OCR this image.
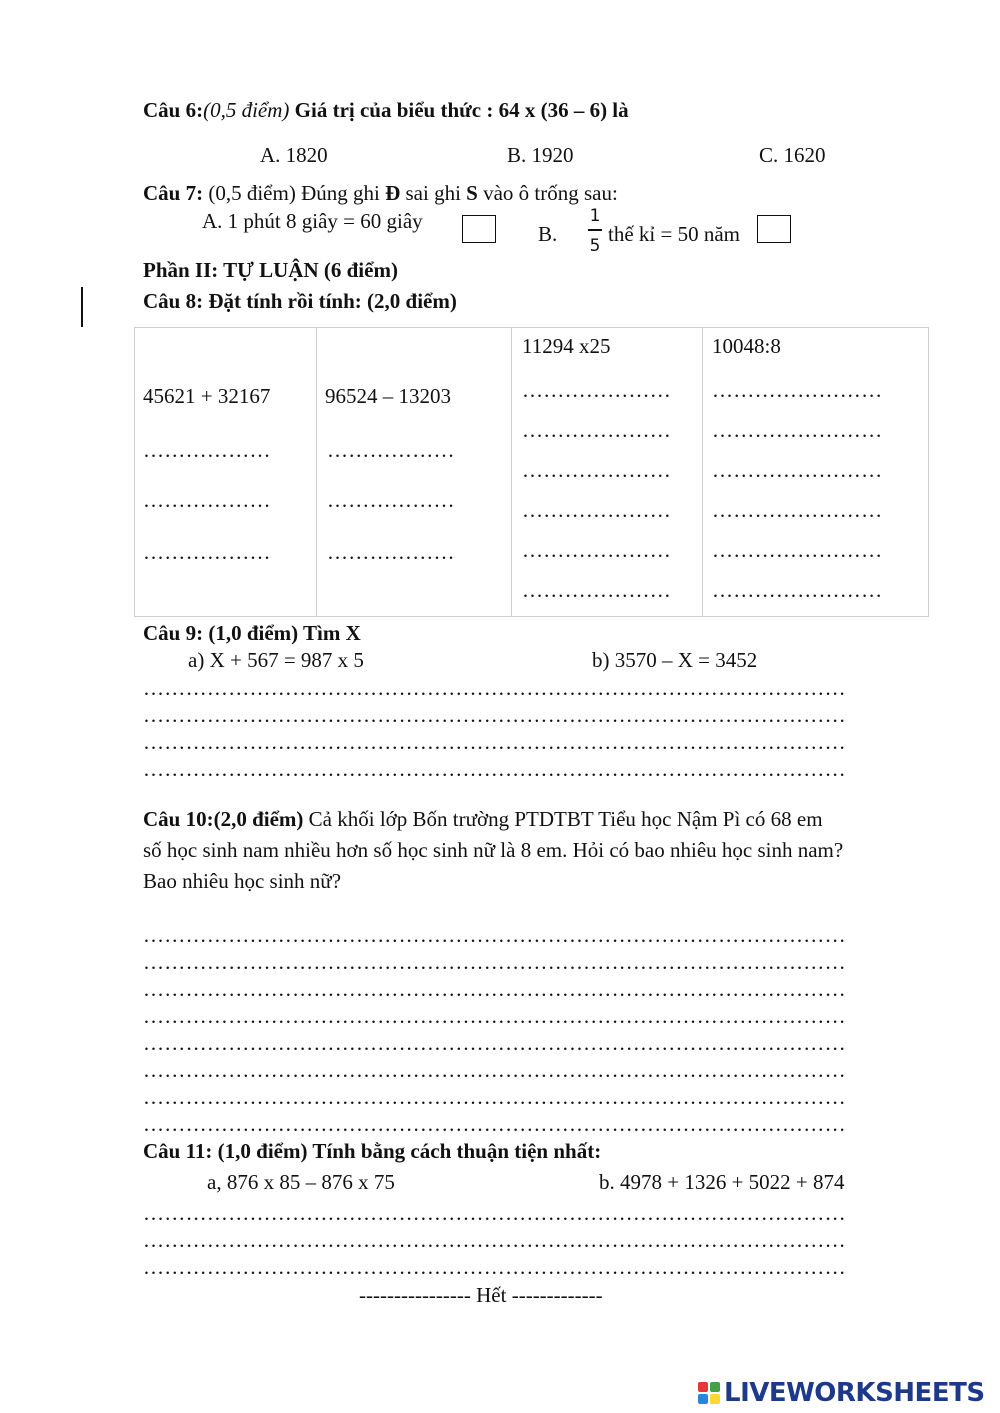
Câu 6:(0,5 điểm) Giá trị của biểu thức : 64 x (36 – 6) là
A. 1820	B. 1920	C. 1620
Câu 7: (0,5 điểm) Đúng ghi Đ sai ghi S vào ô trống sau:
A. 1 phút 8 giây = 60 giây
B.
1
5 thế kỉ = 50 năm
Phần II: TỰ LUẬN (6 điểm)
Câu 8: Đặt tính rồi tính: (2,0 điểm)
45621 + 32167
………………
………………
………………

96524 – 13203
………………
………………
………………

11294 x25
…………………
…………………
…………………
…………………
…………………
…………………

10048:8
……………………
……………………
……………………
……………………
……………………
……………………
Câu 9: (1,0 điểm) Tìm X
a) X + 567 = 987 x 5	b) 3570 – X = 3452
………………………………………………………………………………………
………………………………………………………………………………………
………………………………………………………………………………………
………………………………………………………………………………………
Câu 10:(2,0 điểm) Cả khối lớp Bốn trường PTDTBT Tiểu học Nậm Pì có 68 em
số học sinh nam nhiều hơn số học sinh nữ là 8 em. Hỏi có bao nhiêu học sinh nam?
Bao nhiêu học sinh nữ?
………………………………………………………………………………………
………………………………………………………………………………………
………………………………………………………………………………………
………………………………………………………………………………………
………………………………………………………………………………………
………………………………………………………………………………………
………………………………………………………………………………………
………………………………………………………………………………………
Câu 11: (1,0 điểm) Tính bằng cách thuận tiện nhất:
a, 876 x 85 – 876 x 75	b. 4978 + 1326 + 5022 + 874
………………………………………………………………………………………
………………………………………………………………………………………
………………………………………………………………………………………
---------------- Hết -------------
LIVEWORKSHEETS
